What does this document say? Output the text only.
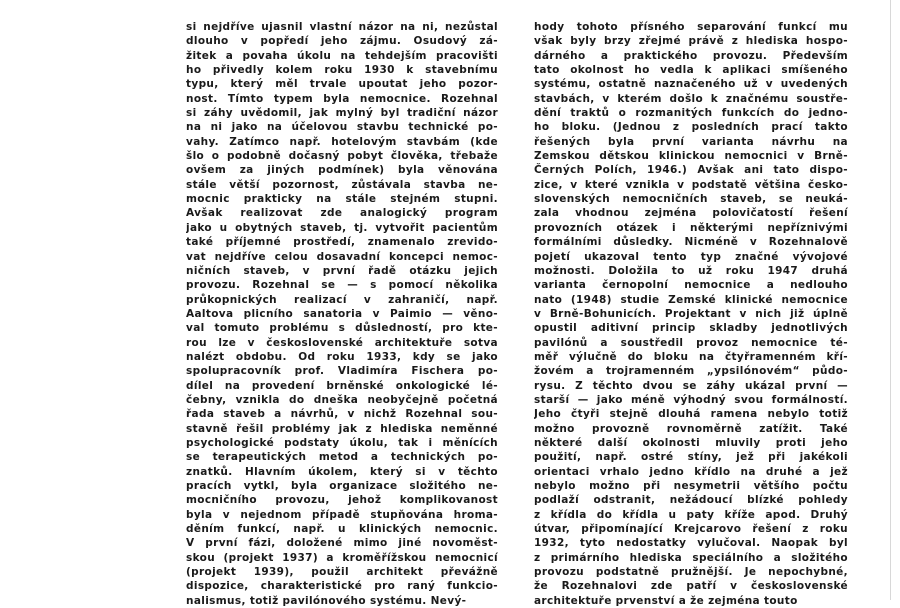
si nejdříve ujasnil vlastní názor na ni, nezůstal
dlouho v popředí jeho zájmu. Osudový zá-
žitek a povaha úkolu na tehdejším pracovišti
ho přivedly kolem roku 1930 k stavebnímu
typu, který měl trvale upoutat jeho pozor-
nost. Tímto typem byla nemocnice. Rozehnal
si záhy uvědomil, jak mylný byl tradiční názor
na ni jako na účelovou stavbu technické po-
vahy. Zatímco např. hotelovým stavbám (kde
šlo o podobně dočasný pobyt člověka, třebaže
ovšem za jiných podmínek) byla věnována
stále větší pozornost, zůstávala stavba ne-
mocnic prakticky na stále stejném stupni.
Avšak realizovat zde analogický program
jako u obytných staveb, tj. vytvořit pacientům
také příjemné prostředí, znamenalo zrevido-
vat nejdříve celou dosavadní koncepci nemoc-
ničních staveb, v první řadě otázku jejich
provozu. Rozehnal se — s pomocí několika
průkopnických realizací v zahraničí, např.
Aaltova plicního sanatoria v Paimio — věno-
val tomuto problému s důsledností, pro kte-
rou lze v československé architektuře sotva
nalézt obdobu. Od roku 1933, kdy se jako
spolupracovník prof. Vladimíra Fischera po-
dílel na provedení brněnské onkologické lé-
čebny, vznikla do dneška neobyčejně početná
řada staveb a návrhů, v nichž Rozehnal sou-
stavně řešil problémy jak z hlediska neměnné
psychologické podstaty úkolu, tak i měnících
se terapeutických metod a technických po-
znatků. Hlavním úkolem, který si v těchto
pracích vytkl, byla organizace složitého ne-
mocničního provozu, jehož komplikovanost
byla v nejednom případě stupňována hromа-
děním funkcí, např. u klinických nemocnic.
V první fázi, doložené mimo jiné novoměst-
skou (projekt 1937) a kroměřížskou nemocnicí
(projekt 1939), použil architekt převážně
dispozice, charakteristické pro raný funkcio-
nalismus, totiž pavilónového systému. Nevý-
hody tohoto přísného separování funkcí mu
však byly brzy zřejmé právě z hlediska hospo-
dárného a praktického provozu. Především
tato okolnost ho vedla k aplikaci smíšeného
systému, ostatně naznačeného už v uvedených
stavbách, v kterém došlo k značnému soustře-
dění traktů o rozmanitých funkcích do jedno-
ho bloku. (Jednou z posledních prací takto
řešených byla první varianta návrhu na
Zemskou dětskou klinickou nemocnici v Brně-
Černých Polích, 1946.) Avšak ani tato dispo-
zice, v které vznikla v podstatě většina česko-
slovenských nemocničních staveb, se neuká-
zala vhodnou zejména polovičatostí řešení
provozních otázek i některými nepříznivými
formálními důsledky. Nicméně v Rozehnalově
pojetí ukazoval tento typ značné vývojové
možnosti. Doložila to už roku 1947 druhá
varianta černopolní nemocnice a nedlouho
nato (1948) studie Zemské klinické nemocnice
v Brně-Bohunicích. Projektant v nich již úplně
opustil aditivní princip skladby jednotlivých
pavilónů a soustředil provoz nemocnice té-
měř výlučně do bloku na čtyřramenném kří-
žovém a trojramenném „ypsilónovém“ půdo-
rysu. Z těchto dvou se záhy ukázal první —
starší — jako méně výhodný svou formálností.
Jeho čtyři stejně dlouhá ramena nebylo totiž
možno provozně rovnoměrně zatížit. Také
některé další okolnosti mluvily proti jeho
použití, např. ostré stíny, jež při jakékoli
orientaci vrhalo jedno křídlo na druhé a jež
nebylo možno při nesymetrii většího počtu
podlaží odstranit, nežádoucí blízké pohledy
z křídla do křídla u paty kříže apod. Druhý
útvar, připomínající Krejcarovo řešení z roku
1932, tyto nedostatky vylučoval. Naopak byl
z primárního hlediska speciálního a složitého
provozu podstatně pružnější. Je nepochybné,
že Rozehnalovi zde patří v československé
architektuře prvenství a že zejména touto
